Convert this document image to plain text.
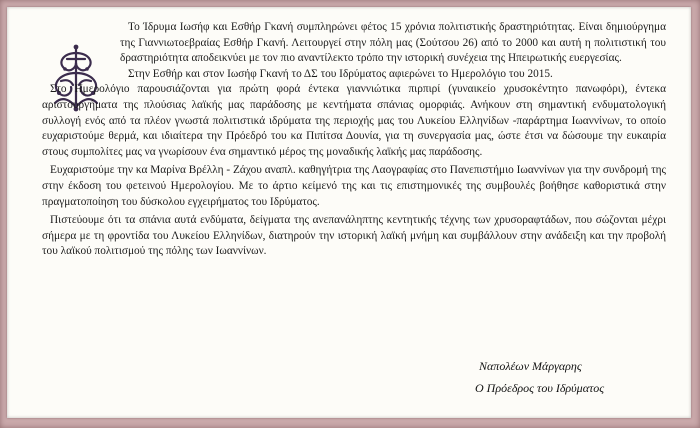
Το Ίδρυμα Ιωσήφ και Εσθήρ Γκανή συμπληρώνει φέτος 15 χρόνια πολιτιστικής δραστηριότητας. Είναι δημιούργημα της Γιαννιωτοεβραίας Εσθήρ Γκανή. Λειτουργεί στην πόλη μας (Σούτσου 26) από το 2000 και αυτή η πολιτιστική του δραστηριότητα αποδεικνύει με τον πιο αναντίλεκτο τρόπο την ιστορική συνέχεια της Ηπειρωτικής ευεργεσίας.

Στην Εσθήρ και στον Ιωσήφ Γκανή το ΔΣ του Ιδρύματος αφιερώνει το Ημερολόγιο του 2015.

Στο Ημερολόγιο παρουσιάζονται για πρώτη φορά έντεκα γιαννιώτικα πιρπιρί (γυναικείο χρυσοκέντητο πανωφόρι), έντεκα αριστουργήματα της πλούσιας λαϊκής μας παράδοσης με κεντήματα σπάνιας ομορφιάς. Ανήκουν στη σημαντική ενδυματολογική συλλογή ενός από τα πλέον γνωστά πολιτιστικά ιδρύματα της περιοχής μας του Λυκείου Ελληνίδων -παράρτημα Ιωαννίνων, το οποίο ευχαριστούμε θερμά, και ιδιαίτερα την Πρόεδρό του κα Πιπίτσα Δουνία, για τη συνεργασία μας, ώστε έτσι να δώσουμε την ευκαιρία στους συμπολίτες μας να γνωρίσουν ένα σημαντικό μέρος της μοναδικής λαϊκής μας παράδοσης.

Ευχαριστούμε την κα Μαρίνα Βρέλλη - Ζάχου αναπλ. καθηγήτρια της Λαογραφίας στο Πανεπιστήμιο Ιωαννίνων για την συνδρομή της στην έκδοση του φετεινού Ημερολογίου. Με το άρτιο κείμενό της και τις επιστημονικές της συμβουλές βοήθησε καθοριστικά στην πραγματοποίηση του δύσκολου εγχειρήματος του Ιδρύματος.

Πιστεύουμε ότι τα σπάνια αυτά ενδύματα, δείγματα της ανεπανάληπτης κεντητικής τέχνης των χρυσοραφτάδων, που σώζονται μέχρι σήμερα με τη φροντίδα του Λυκείου Ελληνίδων, διατηρούν την ιστορική λαϊκή μνήμη και συμβάλλουν στην ανάδειξη και την προβολή του λαϊκού πολιτισμού της πόλης των Ιωαννίνων.

Ναπολέων Μάργαρης
Ο Πρόεδρος του Ιδρύματος
